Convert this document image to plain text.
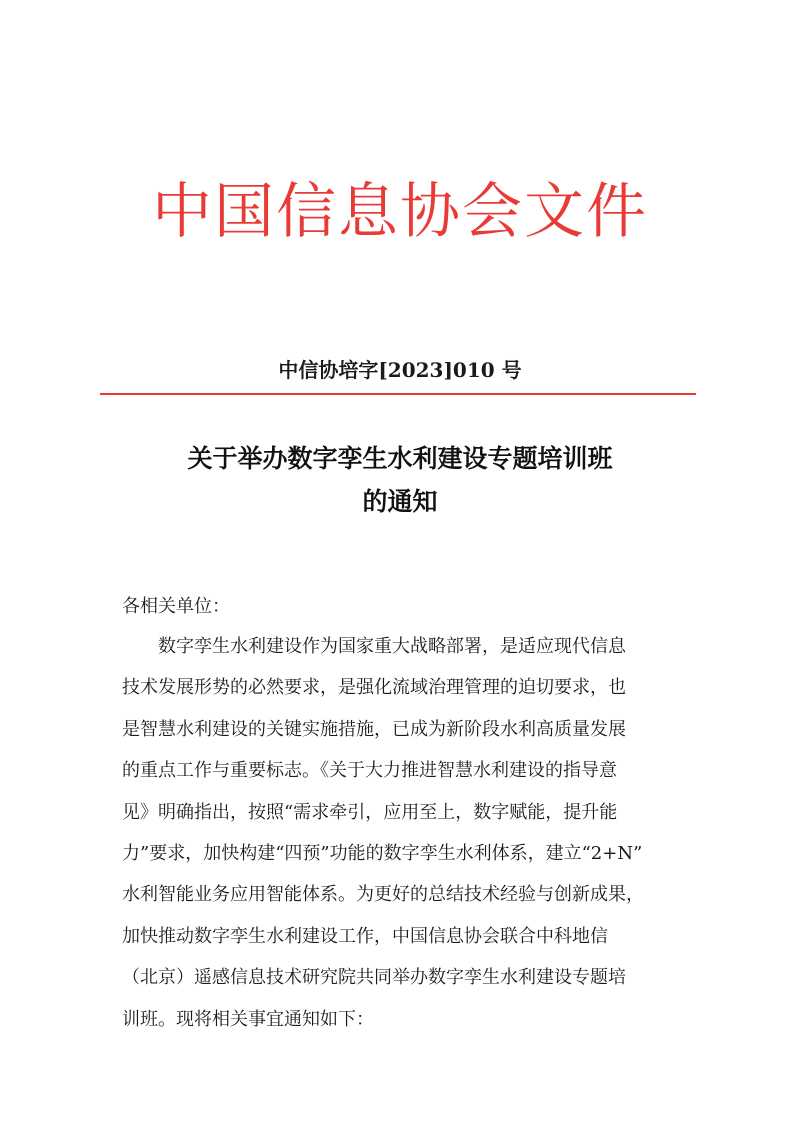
中国信息协会文件
中信协培字[2023]010 号
关于举办数字孪生水利建设专题培训班
的通知
各相关单位：
数字孪生水利建设作为国家重大战略部署，是适应现代信息
技术发展形势的必然要求，是强化流域治理管理的迫切要求，也
是智慧水利建设的关键实施措施，已成为新阶段水利高质量发展
的重点工作与重要标志。《关于大力推进智慧水利建设的指导意
见》明确指出，按照“需求牵引，应用至上，数字赋能，提升能
力”要求，加快构建“四预”功能的数字孪生水利体系，建立“2+N”
水利智能业务应用智能体系。为更好的总结技术经验与创新成果，
加快推动数字孪生水利建设工作，中国信息协会联合中科地信
（北京）遥感信息技术研究院共同举办数字孪生水利建设专题培
训班。现将相关事宜通知如下：
